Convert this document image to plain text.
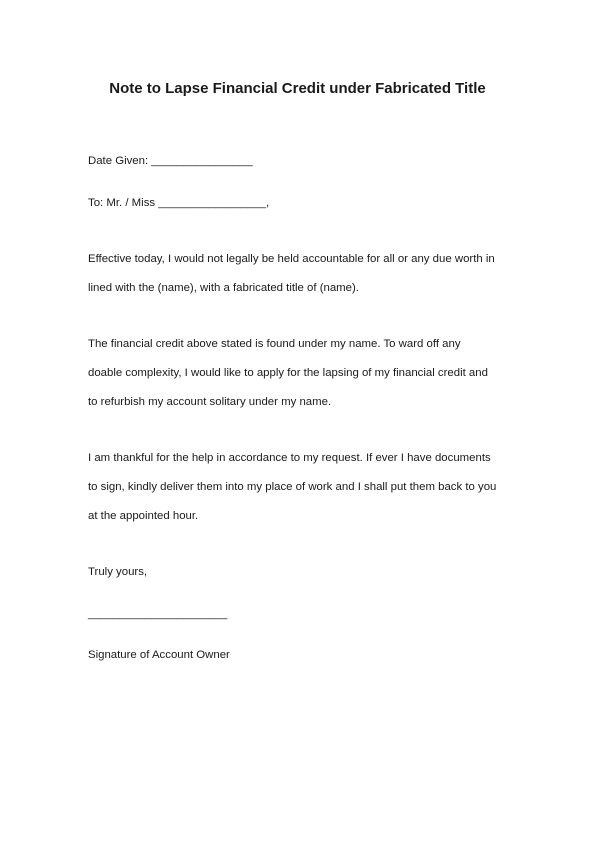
Note to Lapse Financial Credit under Fabricated Title
Date Given: ________________
To: Mr. / Miss _________________,
Effective today, I would not legally be held accountable for all or any due worth in
lined with the (name), with a fabricated title of (name).
The financial credit above stated is found under my name. To ward off any
doable complexity, I would like to apply for the lapsing of my financial credit and
to refurbish my account solitary under my name.
I am thankful for the help in accordance to my request. If ever I have documents
to sign, kindly deliver them into my place of work and I shall put them back to you
at the appointed hour.
Truly yours,
______________________
Signature of Account Owner
